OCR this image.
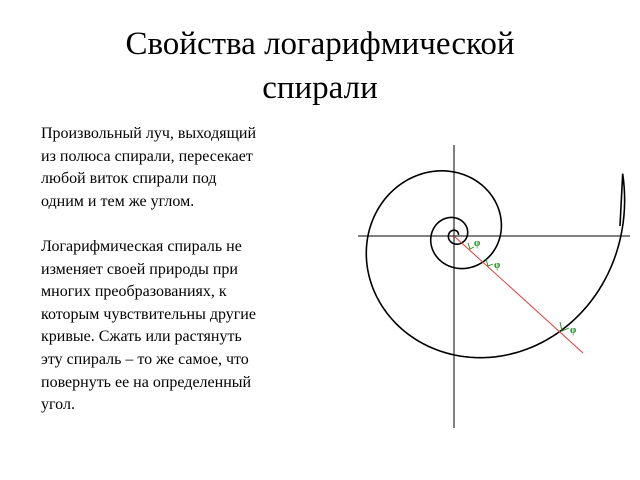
Свойства логарифмической
спирали

Произвольный луч, выходящий
из полюса спирали, пересекает
любой виток спирали под
одним и тем же углом.

Логарифмическая спираль не
изменяет своей природы при
многих преобразованиях, к
которым чувствительны другие
кривые. Сжать или растянуть
эту спираль – то же самое, что
повернуть ее на определенный
угол.

φ
φ
φ
